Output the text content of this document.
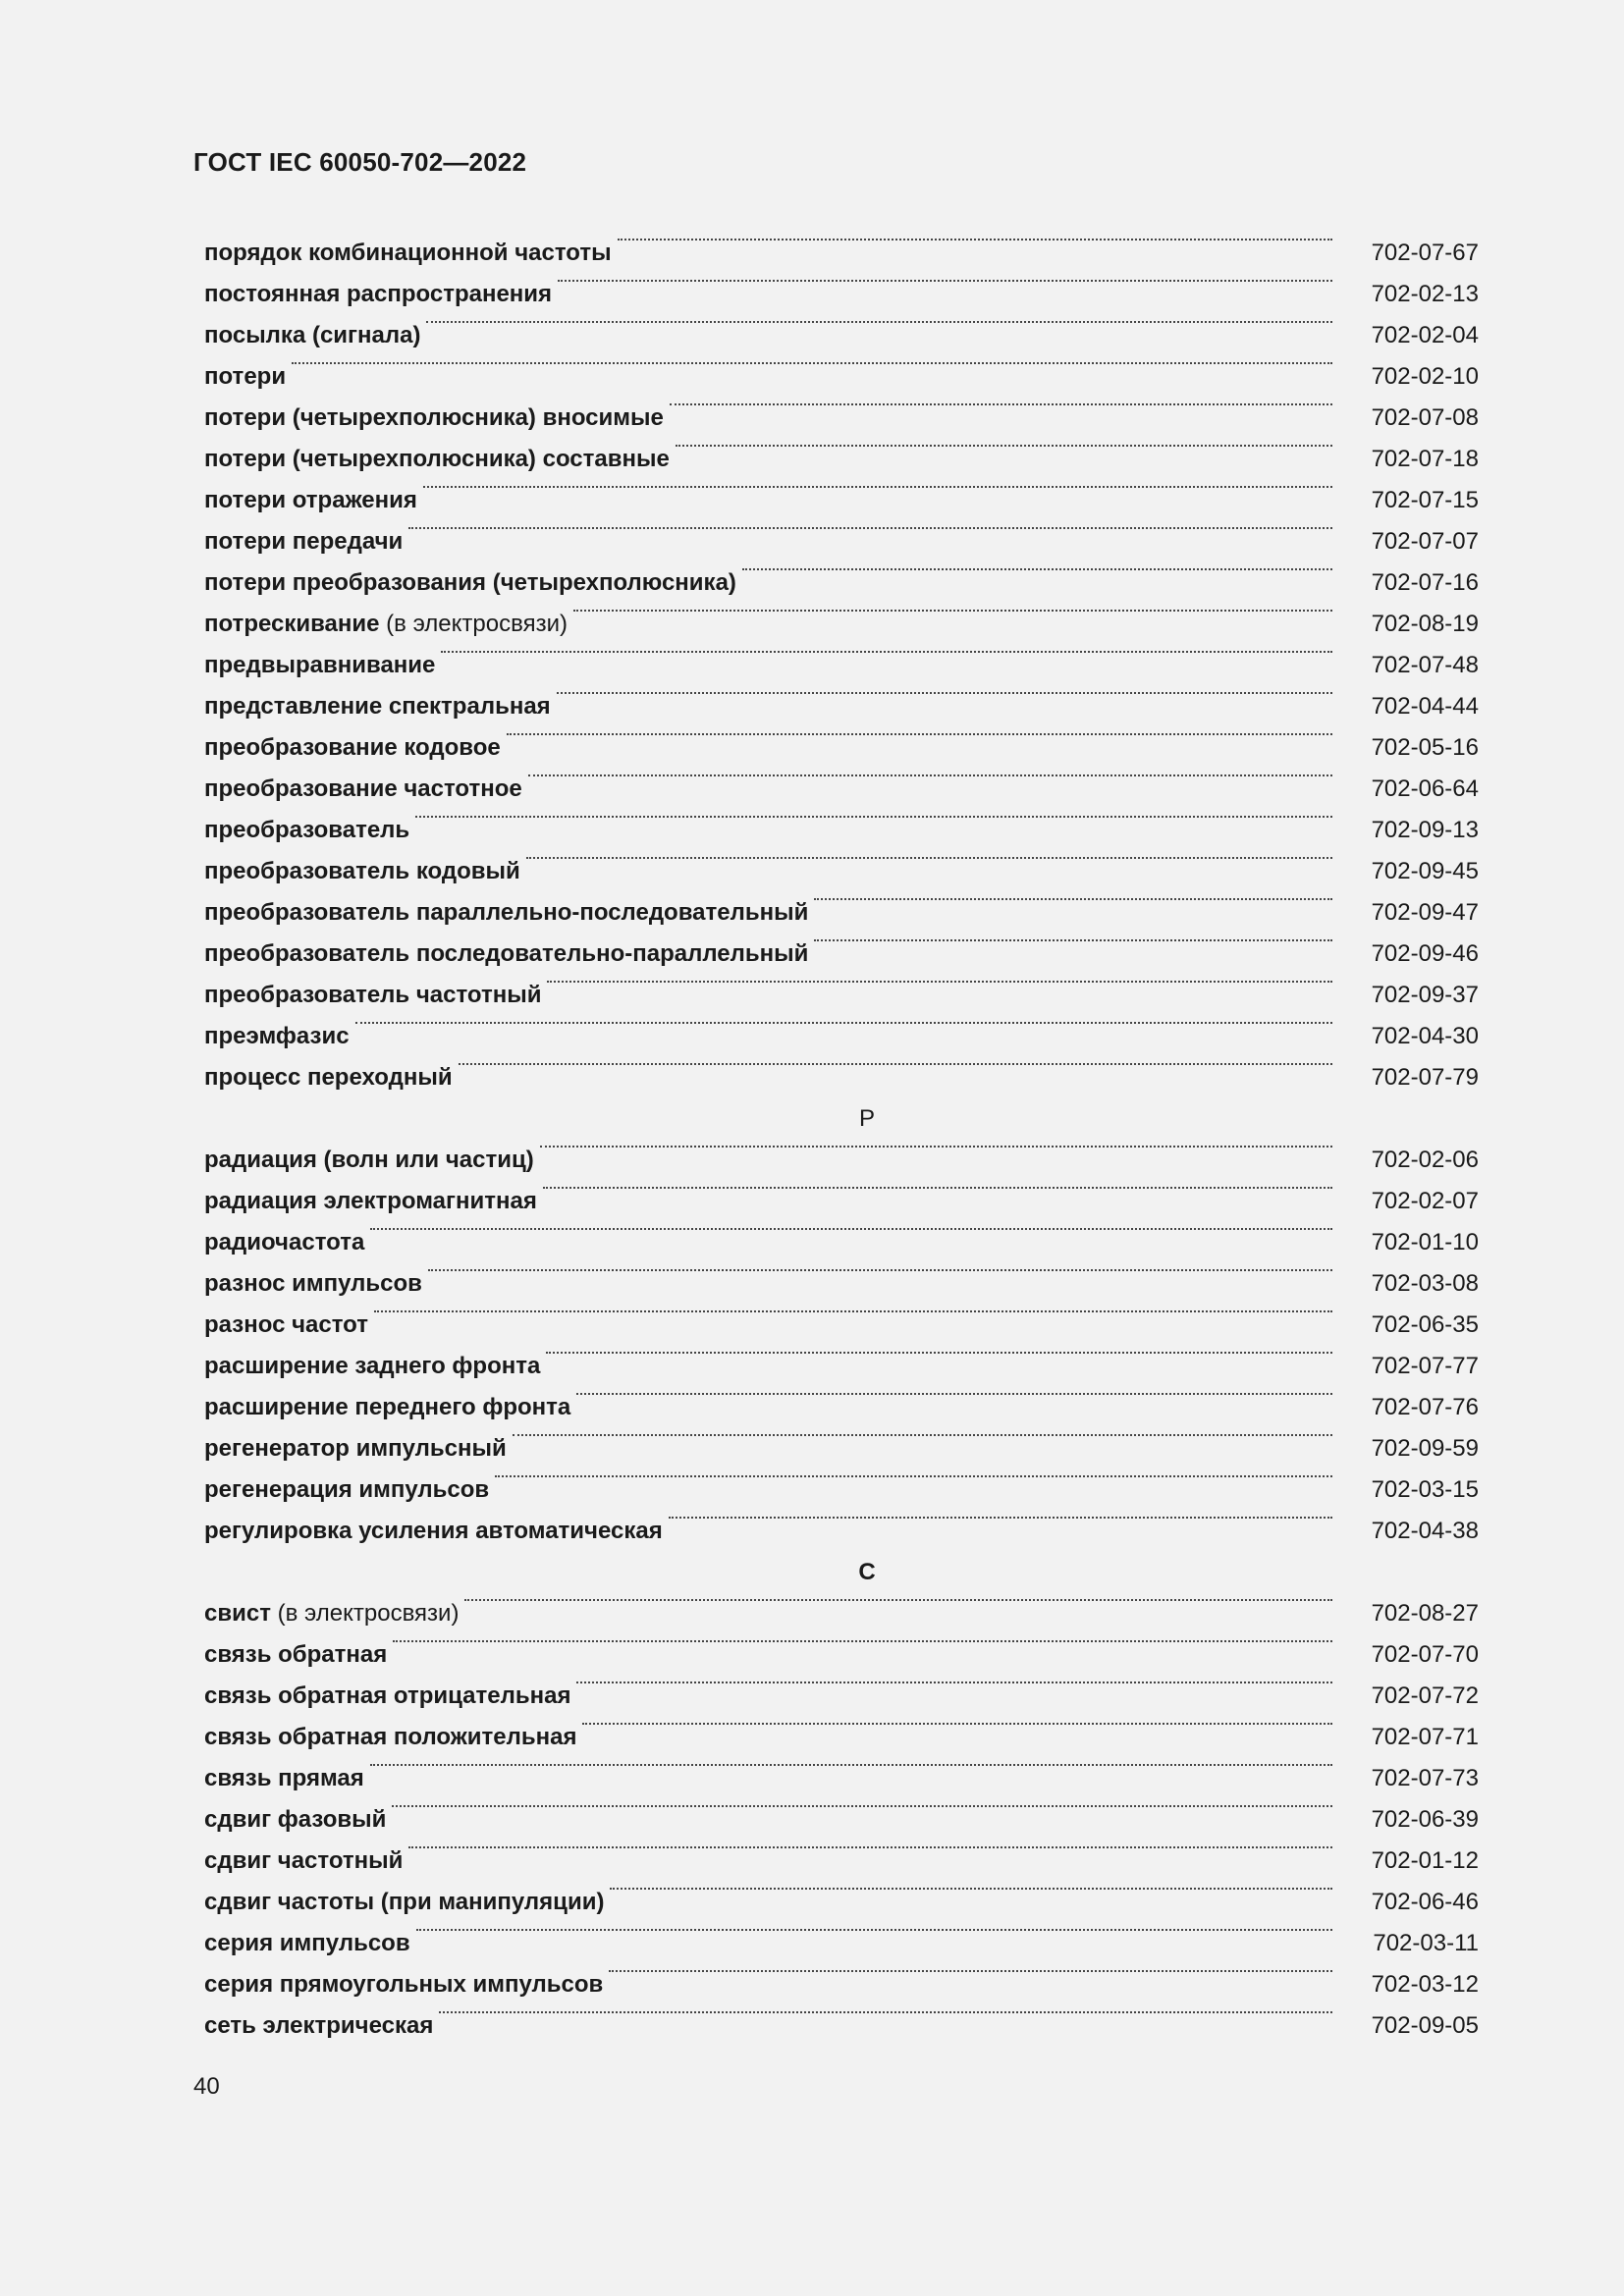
ГОСТ IEC 60050-702—2022
порядок комбинационной частоты	702-07-67
постоянная распространения	702-02-13
посылка (сигнала)	702-02-04
потери	702-02-10
потери (четырехполюсника) вносимые	702-07-08
потери (четырехполюсника) составные	702-07-18
потери отражения	702-07-15
потери передачи	702-07-07
потери преобразования (четырехполюсника)	702-07-16
потрескивание (в электросвязи)	702-08-19
предвыравнивание	702-07-48
представление спектральная	702-04-44
преобразование кодовое	702-05-16
преобразование частотное	702-06-64
преобразователь	702-09-13
преобразователь кодовый	702-09-45
преобразователь параллельно-последовательный	702-09-47
преобразователь последовательно-параллельный	702-09-46
преобразователь частотный	702-09-37
преэмфазис	702-04-30
процесс переходный	702-07-79
Р
радиация (волн или частиц)	702-02-06
радиация электромагнитная	702-02-07
радиочастота	702-01-10
разнос импульсов	702-03-08
разнос частот	702-06-35
расширение заднего фронта	702-07-77
расширение переднего фронта	702-07-76
регенератор импульсный	702-09-59
регенерация импульсов	702-03-15
регулировка усиления автоматическая	702-04-38
С
свист (в электросвязи)	702-08-27
связь обратная	702-07-70
связь обратная отрицательная	702-07-72
связь обратная положительная	702-07-71
связь прямая	702-07-73
сдвиг фазовый	702-06-39
сдвиг частотный	702-01-12
сдвиг частоты (при манипуляции)	702-06-46
серия импульсов	702-03-11
серия прямоугольных импульсов	702-03-12
сеть электрическая	702-09-05
40
